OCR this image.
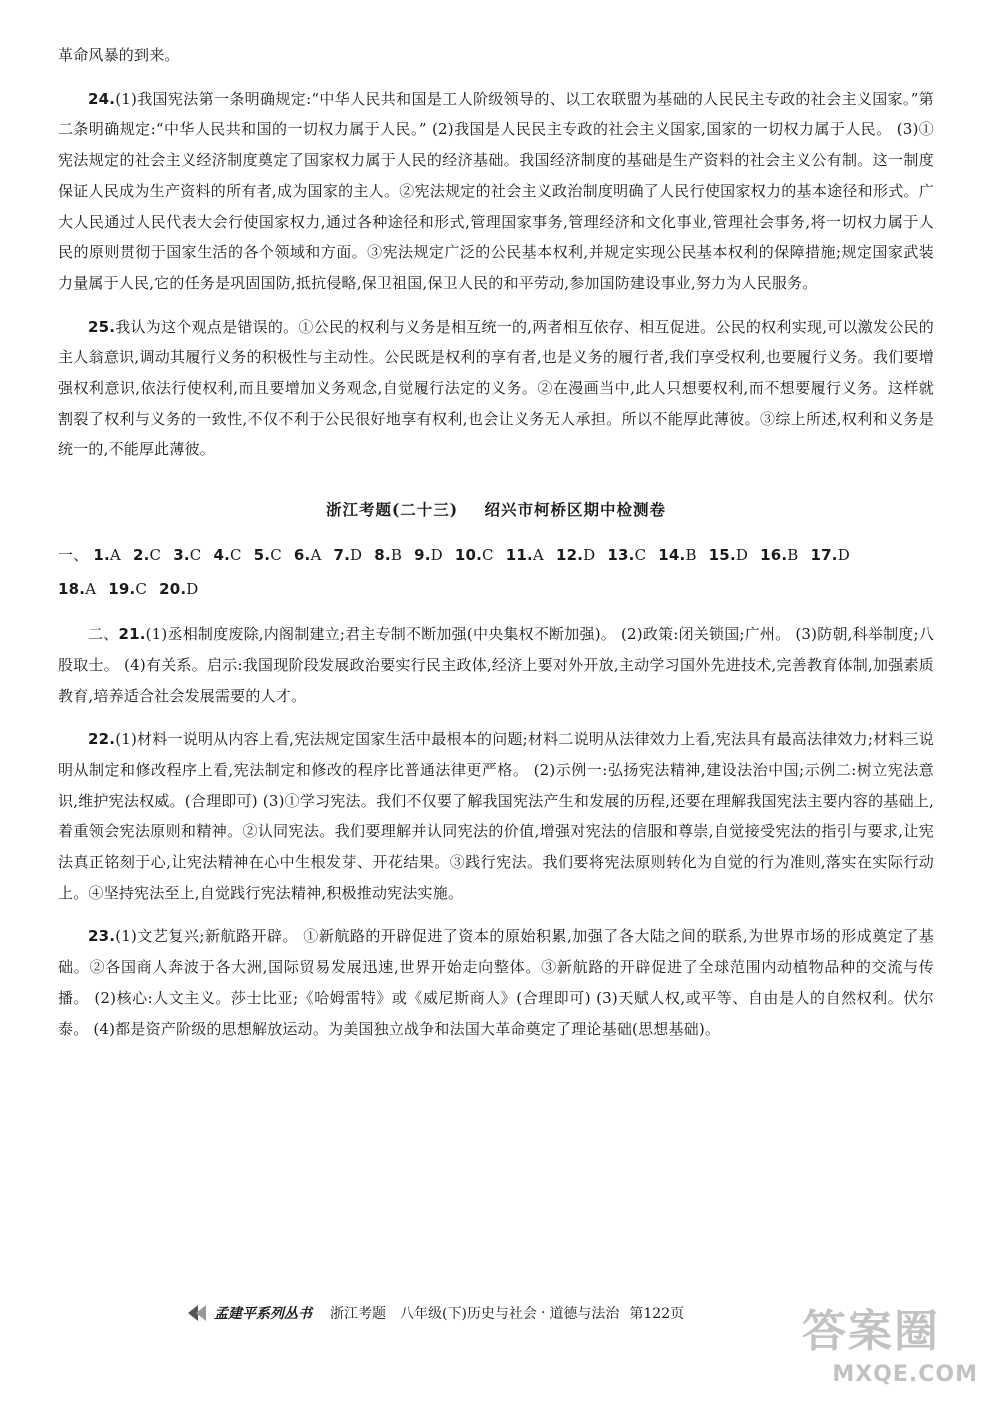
革命风暴的到来。

24.(1)我国宪法第一条明确规定:“中华人民共和国是工人阶级领导的、以工农联盟为基础的人民民主专政的社会主义国家。”第二条明确规定:“中华人民共和国的一切权力属于人民。” (2)我国是人民民主专政的社会主义国家,国家的一切权力属于人民。 (3)①宪法规定的社会主义经济制度奠定了国家权力属于人民的经济基础。我国经济制度的基础是生产资料的社会主义公有制。这一制度保证人民成为生产资料的所有者,成为国家的主人。②宪法规定的社会主义政治制度明确了人民行使国家权力的基本途径和形式。广大人民通过人民代表大会行使国家权力,通过各种途径和形式,管理国家事务,管理经济和文化事业,管理社会事务,将一切权力属于人民的原则贯彻于国家生活的各个领域和方面。③宪法规定广泛的公民基本权利,并规定实现公民基本权利的保障措施;规定国家武装力量属于人民,它的任务是巩固国防,抵抗侵略,保卫祖国,保卫人民的和平劳动,参加国防建设事业,努力为人民服务。

25.我认为这个观点是错误的。①公民的权利与义务是相互统一的,两者相互依存、相互促进。公民的权利实现,可以激发公民的主人翁意识,调动其履行义务的积极性与主动性。公民既是权利的享有者,也是义务的履行者,我们享受权利,也要履行义务。我们要增强权利意识,依法行使权利,而且要增加义务观念,自觉履行法定的义务。②在漫画当中,此人只想要权利,而不想要履行义务。这样就割裂了权利与义务的一致性,不仅不利于公民很好地享有权利,也会让义务无人承担。所以不能厚此薄彼。③综上所述,权利和义务是统一的,不能厚此薄彼。

浙江考题(二十三) 绍兴市柯桥区期中检测卷
一、 1.A 2.C 3.C 4.C 5.C 6.A 7.D 8.B 9.D 10.C 11.A 12.D 13.C 14.B 15.D 16.B 17.D
18.A 19.C 20.D

二、21.(1)丞相制度废除,内阁制建立;君主专制不断加强(中央集权不断加强)。 (2)政策:闭关锁国;广州。 (3)防朝,科举制度;八股取士。 (4)有关系。启示:我国现阶段发展政治要实行民主政体,经济上要对外开放,主动学习国外先进技术,完善教育体制,加强素质教育,培养适合社会发展需要的人才。

22.(1)材料一说明从内容上看,宪法规定国家生活中最根本的问题;材料二说明从法律效力上看,宪法具有最高法律效力;材料三说明从制定和修改程序上看,宪法制定和修改的程序比普通法律更严格。 (2)示例一:弘扬宪法精神,建设法治中国;示例二:树立宪法意识,维护宪法权威。(合理即可) (3)①学习宪法。我们不仅要了解我国宪法产生和发展的历程,还要在理解我国宪法主要内容的基础上,着重领会宪法原则和精神。②认同宪法。我们要理解并认同宪法的价值,增强对宪法的信服和尊崇,自觉接受宪法的指引与要求,让宪法真正铭刻于心,让宪法精神在心中生根发芽、开花结果。③践行宪法。我们要将宪法原则转化为自觉的行为准则,落实在实际行动上。④坚持宪法至上,自觉践行宪法精神,积极推动宪法实施。

23.(1)文艺复兴;新航路开辟。 ①新航路的开辟促进了资本的原始积累,加强了各大陆之间的联系,为世界市场的形成奠定了基础。②各国商人奔波于各大洲,国际贸易发展迅速,世界开始走向整体。③新航路的开辟促进了全球范围内动植物品种的交流与传播。 (2)核心:人文主义。莎士比亚;《哈姆雷特》或《威尼斯商人》(合理即可) (3)天赋人权,或平等、自由是人的自然权利。伏尔泰。 (4)都是资产阶级的思想解放运动。为美国独立战争和法国大革命奠定了理论基础(思想基础)。

孟建平系列丛书 浙江考题 八年级(下)历史与社会 · 道德与法治 第122页	答案圈
MXQE.COM
